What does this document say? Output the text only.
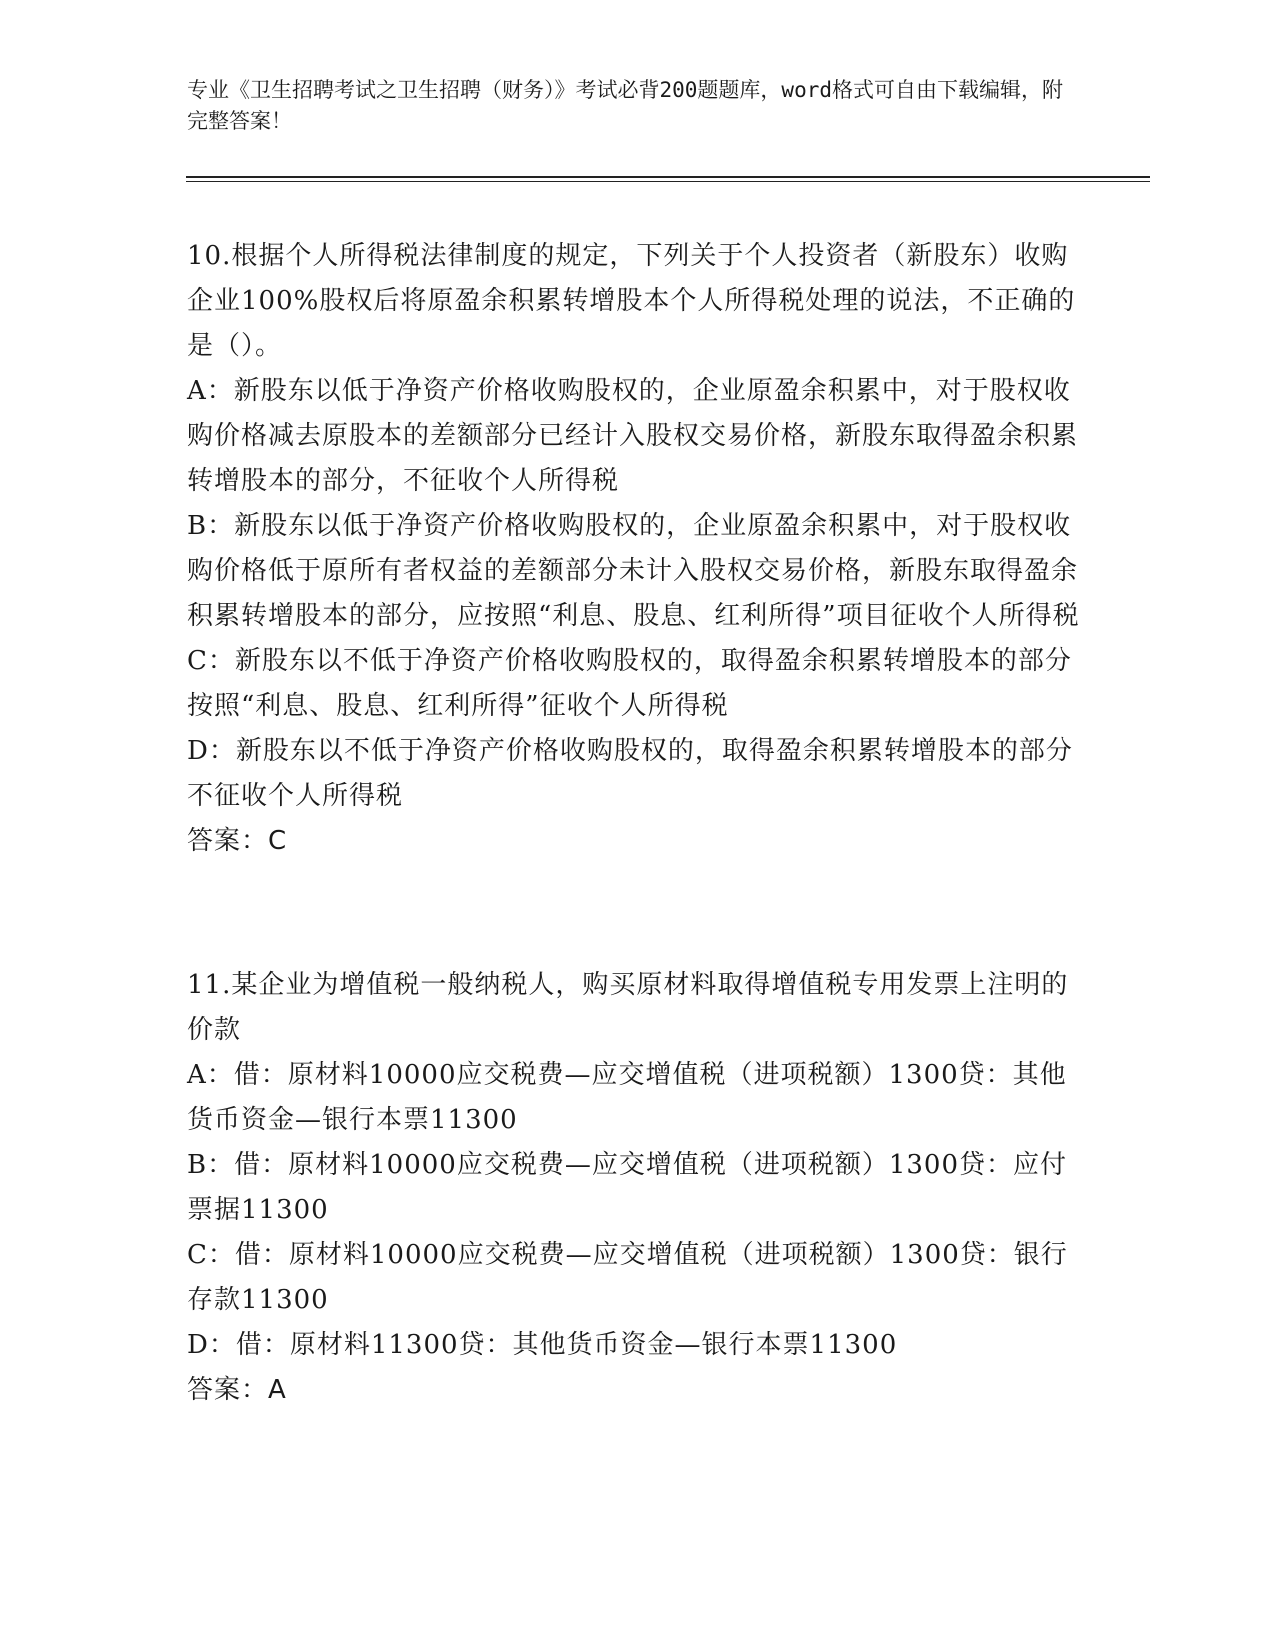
专业《卫生招聘考试之卫生招聘（财务）》考试必背200题题库，word格式可自由下载编辑，附完整答案！

10.根据个人所得税法律制度的规定，下列关于个人投资者（新股东）收购企业100%股权后将原盈余积累转增股本个人所得税处理的说法，不正确的是（）。

A：新股东以低于净资产价格收购股权的，企业原盈余积累中，对于股权收购价格减去原股本的差额部分已经计入股权交易价格，新股东取得盈余积累转增股本的部分，不征收个人所得税

B：新股东以低于净资产价格收购股权的，企业原盈余积累中，对于股权收购价格低于原所有者权益的差额部分未计入股权交易价格，新股东取得盈余积累转增股本的部分，应按照“利息、股息、红利所得”项目征收个人所得税

C：新股东以不低于净资产价格收购股权的，取得盈余积累转增股本的部分按照“利息、股息、红利所得”征收个人所得税

D：新股东以不低于净资产价格收购股权的，取得盈余积累转增股本的部分不征收个人所得税

答案：C

11.某企业为增值税一般纳税人，购买原材料取得增值税专用发票上注明的价款

A：借：原材料10000应交税费—应交增值税（进项税额）1300贷：其他货币资金—银行本票11300

B：借：原材料10000应交税费—应交增值税（进项税额）1300贷：应付票据11300

C：借：原材料10000应交税费—应交增值税（进项税额）1300贷：银行存款11300

D：借：原材料11300贷：其他货币资金—银行本票11300

答案：A
